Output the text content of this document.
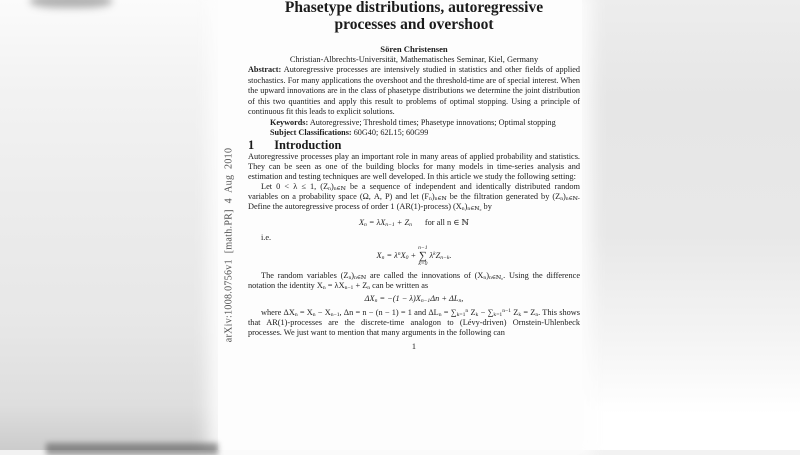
arXiv:1008.0756v1 [math.PR] 4 Aug 2010
Phasetype distributions, autoregressive
processes and overshoot
Sören Christensen
Christian-Albrechts-Universität, Mathematisches Seminar, Kiel, Germany

Abstract: Autoregressive processes are intensively studied in statistics and other fields of applied stochastics. For many applications the overshoot and the threshold-time are of special interest. When the upward innovations are in the class of phasetype distributions we determine the joint distribution of this two quantities and apply this result to problems of optimal stopping. Using a principle of continuous fit this leads to explicit solutions.

Keywords: Autoregressive; Threshold times; Phasetype innovations; Optimal stopping

Subject Classifications: 60G40; 62L15; 60G99

1 Introduction

Autoregressive processes play an important role in many areas of applied probability and statistics. They can be seen as one of the building blocks for many models in time-series analysis and estimation and testing techniques are well developed. In this article we study the following setting:

Let 0 < λ ≤ 1, $(Z_n)_{n\in ℕ}$ be a sequence of independent and identically distributed random variables on a probability space (Ω, A, P) and let $(F_n)_{n\in ℕ}$ be the filtration generated by $(Z_n)_{n\in ℕ}$. Define the autoregressive process of order 1 (AR(1)-process) $(X_n)_{n\in ℕ_0}$ by

$X_n = \lambda X_{n-1} + Z_n$ for all n ∈ ℕ

i.e.

$X_n = \lambda^nX_0$ +
n−1
∑
k=0
$\lambda^kZ_{n-k}$.

The random variables $(Z_n)_{n\in ℕ}$ are called the innovations of $(X_n)_{n\in ℕ_0}$. Using the difference notation the identity $X_n = \lambda X_{n-1} + Z_n$ can be written as

$\Delta X_n = -(1 - \lambda)X_{n-1}\Delta n + \Delta L_n$,

where $\Delta X_n = X_n - X_{n-1}$, Δn = n − (n − 1) = 1 and $\Delta L_n = \sum_{k=1}^n$ $Z_k - \sum_{k=1}^{n-1}$ $Z_k = Z_n$. This shows that AR(1)-processes are the discrete-time analogon to (Lévy-driven) Ornstein-Uhlenbeck processes. We just want to mention that many arguments in the following can

1
